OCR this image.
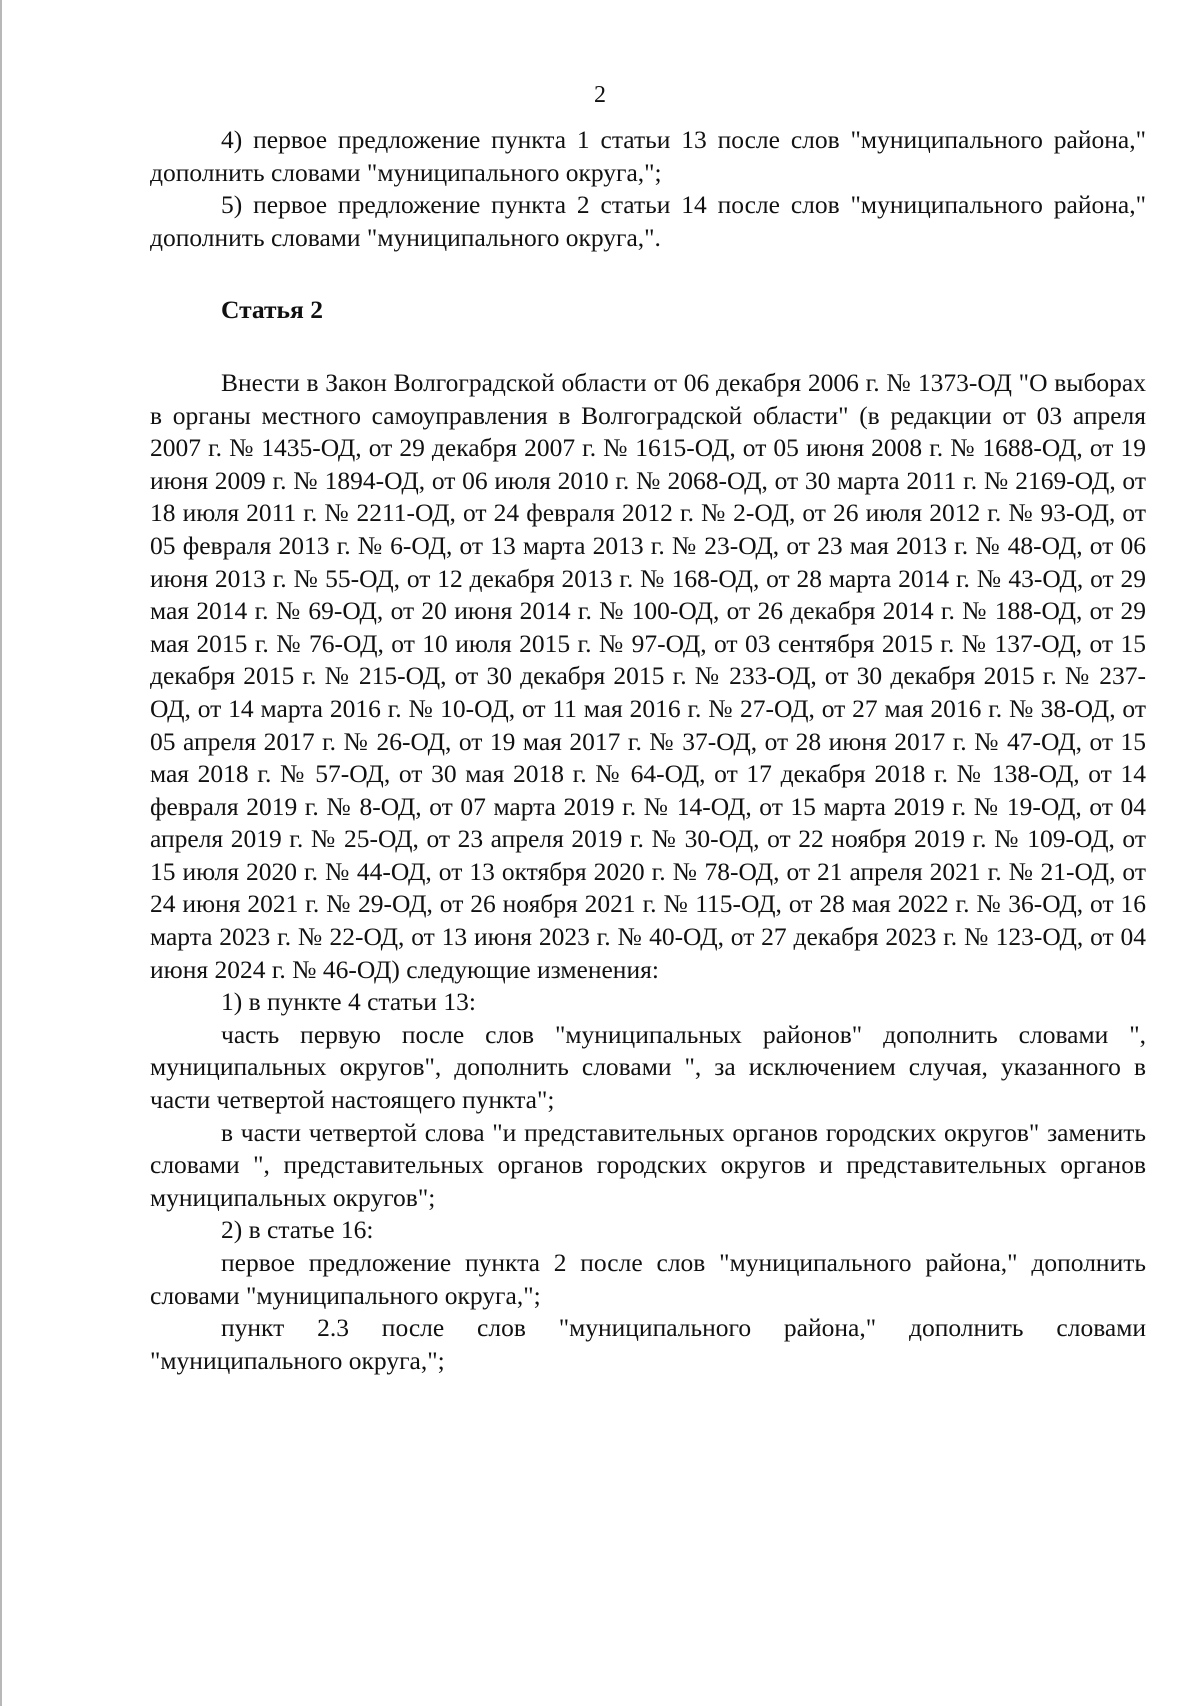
2

4) первое предложение пункта 1 статьи 13 после слов "муниципального района," дополнить словами "муниципального округа,";

5) первое предложение пункта 2 статьи 14 после слов "муниципального района," дополнить словами "муниципального округа,".

Статья 2

Внести в Закон Волгоградской области от 06 декабря 2006 г. № 1373-ОД "О выборах в органы местного самоуправления в Волгоградской области" (в редакции от 03 апреля 2007 г. № 1435-ОД, от 29 декабря 2007 г. № 1615-ОД, от 05 июня 2008 г. № 1688-ОД, от 19 июня 2009 г. № 1894-ОД, от 06 июля 2010 г. № 2068-ОД, от 30 марта 2011 г. № 2169-ОД, от 18 июля 2011 г. № 2211-ОД, от 24 февраля 2012 г. № 2-ОД, от 26 июля 2012 г. № 93-ОД, от 05 февраля 2013 г. № 6-ОД, от 13 марта 2013 г. № 23-ОД, от 23 мая 2013 г. № 48-ОД, от 06 июня 2013 г. № 55-ОД, от 12 декабря 2013 г. № 168-ОД, от 28 марта 2014 г. № 43-ОД, от 29 мая 2014 г. № 69-ОД, от 20 июня 2014 г. № 100-ОД, от 26 декабря 2014 г. № 188-ОД, от 29 мая 2015 г. № 76-ОД, от 10 июля 2015 г. № 97-ОД, от 03 сентября 2015 г. № 137-ОД, от 15 декабря 2015 г. № 215-ОД, от 30 декабря 2015 г. № 233-ОД, от 30 декабря 2015 г. № 237-ОД, от 14 марта 2016 г. № 10-ОД, от 11 мая 2016 г. № 27-ОД, от 27 мая 2016 г. № 38-ОД, от 05 апреля 2017 г. № 26-ОД, от 19 мая 2017 г. № 37-ОД, от 28 июня 2017 г. № 47-ОД, от 15 мая 2018 г. № 57-ОД, от 30 мая 2018 г. № 64-ОД, от 17 декабря 2018 г. № 138-ОД, от 14 февраля 2019 г. № 8-ОД, от 07 марта 2019 г. № 14-ОД, от 15 марта 2019 г. № 19-ОД, от 04 апреля 2019 г. № 25-ОД, от 23 апреля 2019 г. № 30-ОД, от 22 ноября 2019 г. № 109-ОД, от 15 июля 2020 г. № 44-ОД, от 13 октября 2020 г. № 78-ОД, от 21 апреля 2021 г. № 21-ОД, от 24 июня 2021 г. № 29-ОД, от 26 ноября 2021 г. № 115-ОД, от 28 мая 2022 г. № 36-ОД, от 16 марта 2023 г. № 22-ОД, от 13 июня 2023 г. № 40-ОД, от 27 декабря 2023 г. № 123-ОД, от 04 июня 2024 г. № 46-ОД) следующие изменения:

1) в пункте 4 статьи 13:

часть первую после слов "муниципальных районов" дополнить словами ", муниципальных округов", дополнить словами ", за исключением случая, указанного в части четвертой настоящего пункта";

в части четвертой слова "и представительных органов городских округов" заменить словами ", представительных органов городских округов и представительных органов муниципальных округов";

2) в статье 16:

первое предложение пункта 2 после слов "муниципального района," дополнить словами "муниципального округа,";

пункт 2.3 после слов "муниципального района," дополнить словами "муниципального округа,";
